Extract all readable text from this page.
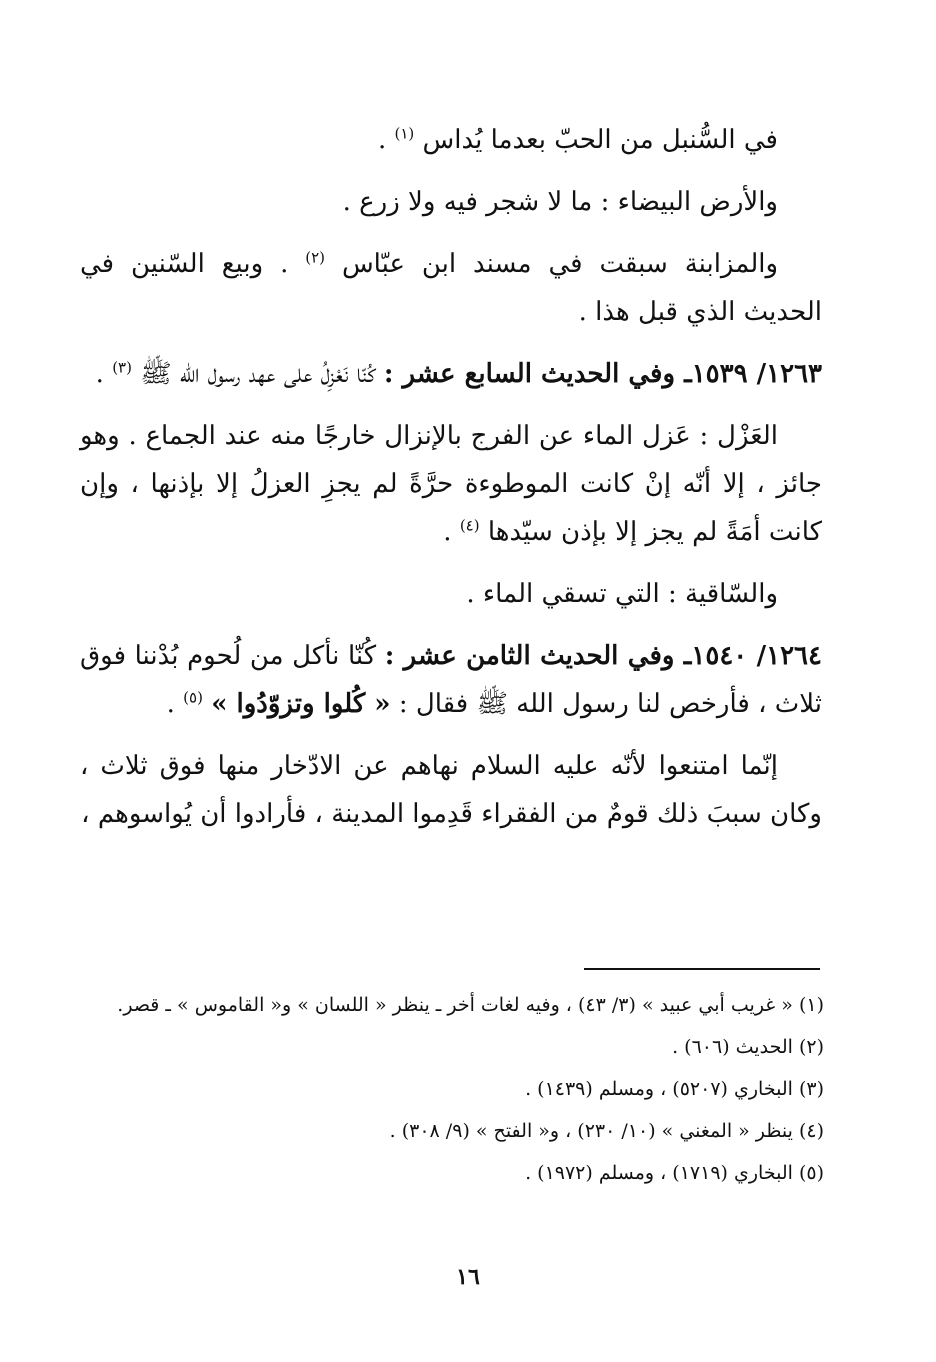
في السُّنبل من الحبّ بعدما يُداس $^{(١)}$ .

والأرض البيضاء : ما لا شجر فيه ولا زرع .

والمزابنة سبقت في مسند ابن عبّاس $^{(٢)}$ . وبيع السّنين في الحديث الذي قبل هذا .

١٢٦٣/ ١٥٣٩ـ وفي الحديث السابع عشر : كُنّا نَعْزِلُ على عهد رسول الله ﷺ $^{(٣)}$ .

العَزْل : عَزل الماء عن الفرج بالإنزال خارجًا منه عند الجماع . وهو جائز ، إلا أنّه إنْ كانت الموطوءة حرَّةً لم يجزِ العزلُ إلا بإذنها ، وإن كانت أمَةً لم يجز إلا بإذن سيّدها $^{(٤)}$ .

والسّاقية : التي تسقي الماء .

١٢٦٤/ ١٥٤٠ـ وفي الحديث الثامن عشر : كُنّا نأكل من لُحوم بُدْننا فوق ثلاث ، فأرخص لنا رسول الله ﷺ فقال : « كُلوا وتزوّدُوا » $^{(٥)}$ .

إنّما امتنعوا لأنّه عليه السلام نهاهم عن الادّخار منها فوق ثلاث ، وكان سببَ ذلك قومٌ من الفقراء قَدِموا المدينة ، فأرادوا أن يُواسوهم ،

(١) « غريب أبي عبيد » (٣/ ٤٣) ، وفيه لغات أخر ـ ينظر « اللسان » و« القاموس » ـ قصر.

(٢) الحديث (٦٠٦) .

(٣) البخاري (٥٢٠٧) ، ومسلم (١٤٣٩) .

(٤) ينظر « المغني » (١٠/ ٢٣٠) ، و« الفتح » (٩/ ٣٠٨) .

(٥) البخاري (١٧١٩) ، ومسلم (١٩٧٢) .

١٦
